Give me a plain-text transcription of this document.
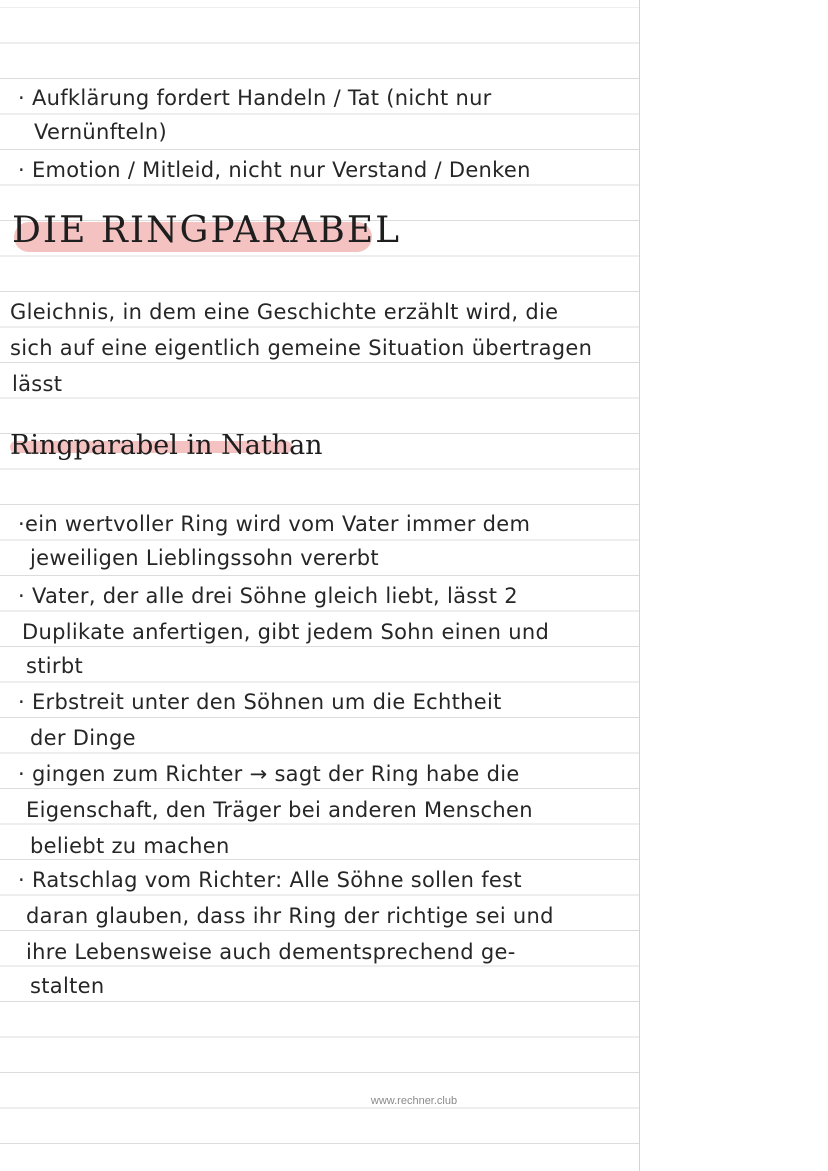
· Aufklärung fordert Handeln / Tat (nicht nur
Vernünfteln)
· Emotion / Mitleid, nicht nur Verstand / Denken
DIE RINGPARABEL
Gleichnis, in dem eine Geschichte erzählt wird, die
sich auf eine eigentlich gemeine Situation übertragen
lässt
Ringparabel in Nathan
·ein wertvoller Ring wird vom Vater immer dem
jeweiligen Lieblingssohn vererbt
· Vater, der alle drei Söhne gleich liebt, lässt 2
Duplikate anfertigen, gibt jedem Sohn einen und
stirbt
· Erbstreit unter den Söhnen um die Echtheit
der Dinge
· gingen zum Richter → sagt der Ring habe die
Eigenschaft, den Träger bei anderen Menschen
beliebt zu machen
· Ratschlag vom Richter: Alle Söhne sollen fest
daran glauben, dass ihr Ring der richtige sei und
ihre Lebensweise auch dementsprechend ge-
stalten
www.rechner.club
